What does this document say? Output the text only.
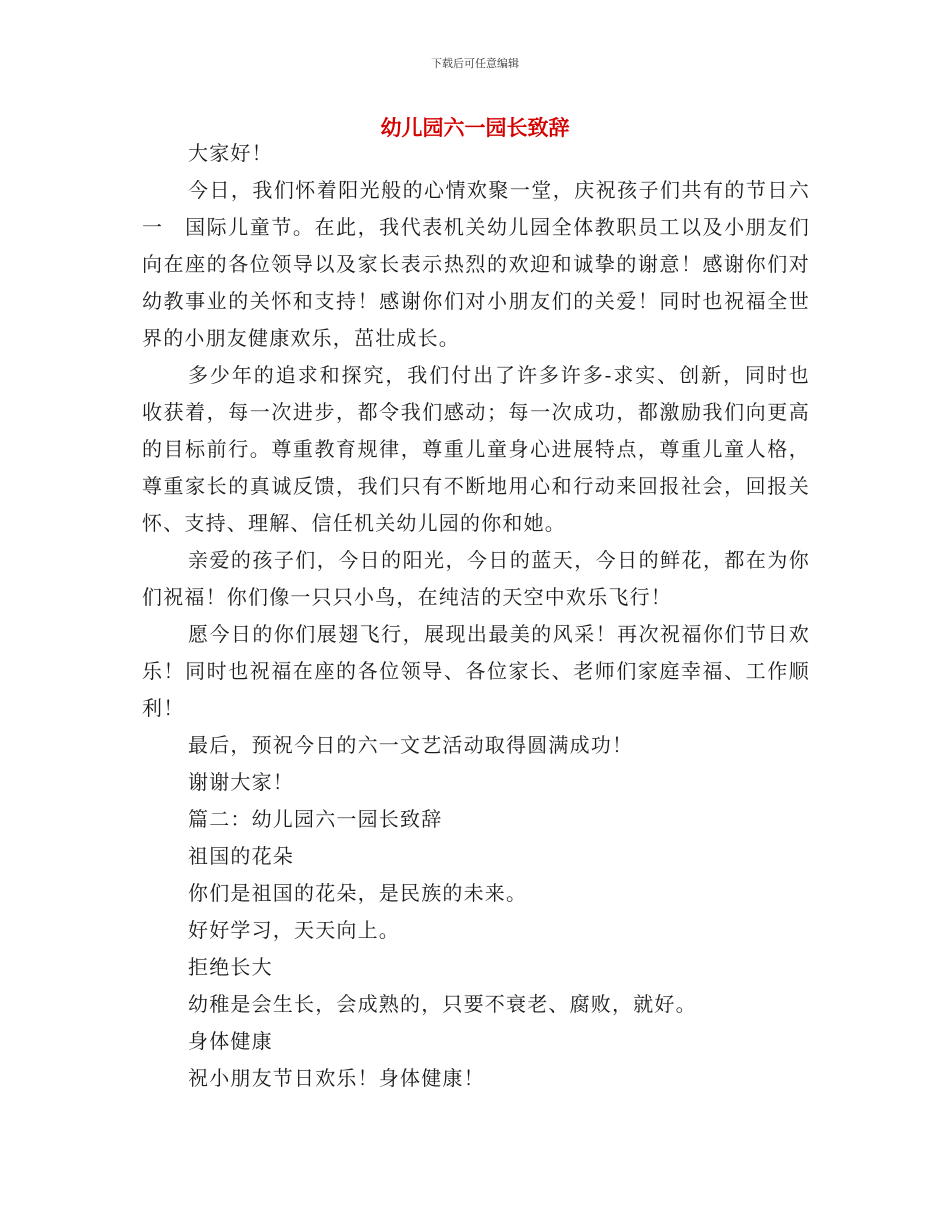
下载后可任意编辑
幼儿园六一园长致辞

大家好！

今日，我们怀着阳光般的心情欢聚一堂，庆祝孩子们共有的节日六一　国际儿童节。在此，我代表机关幼儿园全体教职员工以及小朋友们向在座的各位领导以及家长表示热烈的欢迎和诚挚的谢意！感谢你们对幼教事业的关怀和支持！感谢你们对小朋友们的关爱！同时也祝福全世界的小朋友健康欢乐，茁壮成长。

多少年的追求和探究，我们付出了许多许多-求实、创新，同时也收获着，每一次进步，都令我们感动；每一次成功，都激励我们向更高的目标前行。尊重教育规律，尊重儿童身心进展特点，尊重儿童人格，尊重家长的真诚反馈，我们只有不断地用心和行动来回报社会，回报关怀、支持、理解、信任机关幼儿园的你和她。

亲爱的孩子们，今日的阳光，今日的蓝天，今日的鲜花，都在为你们祝福！你们像一只只小鸟，在纯洁的天空中欢乐飞行！

愿今日的你们展翅飞行，展现出最美的风采！再次祝福你们节日欢乐！同时也祝福在座的各位领导、各位家长、老师们家庭幸福、工作顺利！

最后，预祝今日的六一文艺活动取得圆满成功！

谢谢大家！

篇二：幼儿园六一园长致辞

祖国的花朵

你们是祖国的花朵，是民族的未来。

好好学习，天天向上。

拒绝长大

幼稚是会生长，会成熟的，只要不衰老、腐败，就好。

身体健康

祝小朋友节日欢乐！身体健康！
